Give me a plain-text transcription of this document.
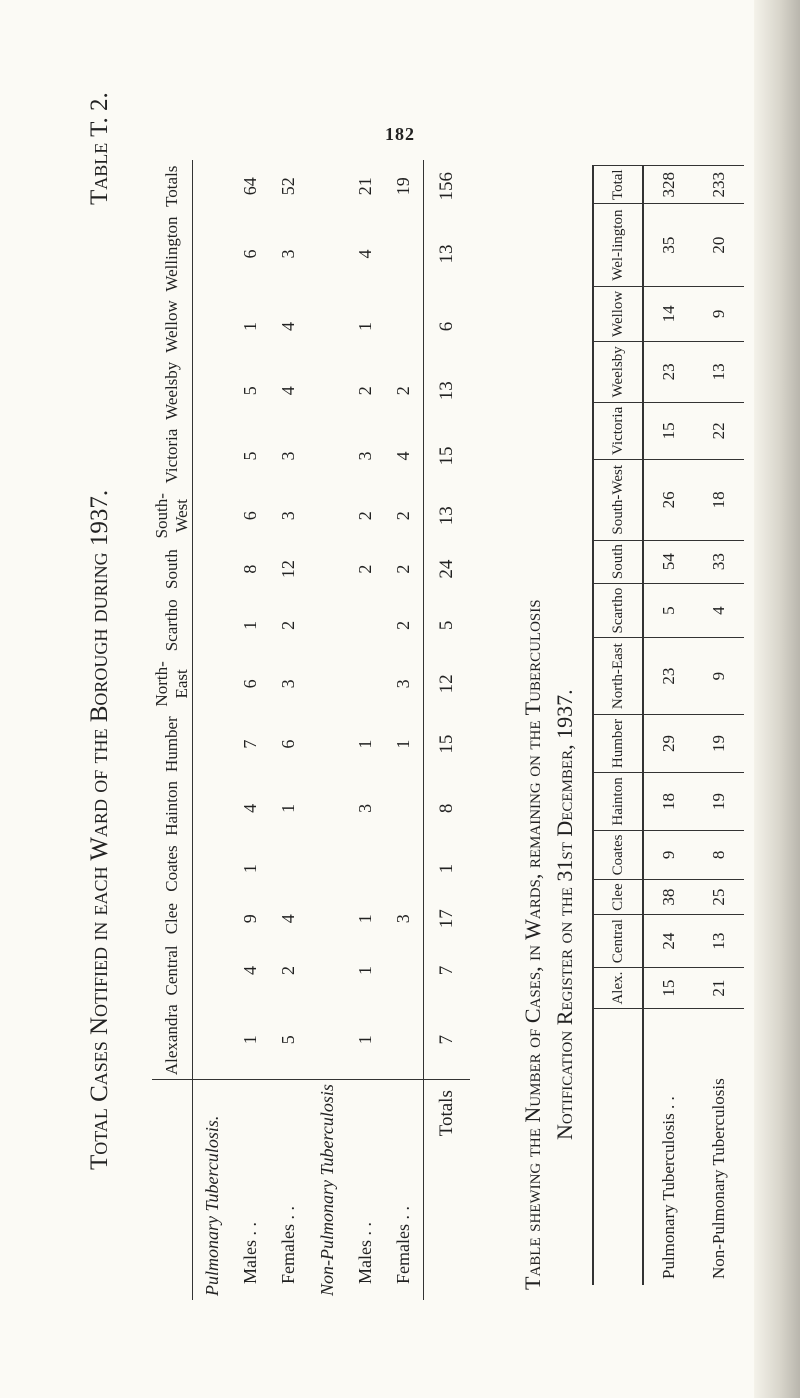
182
Total Cases Notified in each Ward of the Borough during 1937.
Table T. 2.
	Alexandra	Central	Clee	Coates	Hainton	Humber	North-East	Scartho	South	South-West	Victoria	Weelsby	Wellow	Wellington	Totals
Pulmonary Tuberculosis.															
Males . .	1	4	9	1	4	7	6	1	8	6	5	5	1	6	64
Females . .	5	2	4		1	6	3	2	12	3	3	4	4	3	52
Non-Pulmonary Tuberculosis															
Males . .	1	1	1		3	1			2	2	3	2	1	4	21
Females . .			3			1	3	2	2	2	4	2			19
Totals	7	7	17	1	8	15	12	5	24	13	15	13	6	13	156
Table shewing the Number of Cases, in Wards, remaining on the Tuberculosis Notification Register on the 31st December, 1937.
	Alex.	Central	Clee	Coates	Hainton	Humber	North-East	Scartho	South	South-West	Victoria	Weelsby	Wellow	Wel-lington	Total
Pulmonary Tuberculosis . .	15	24	38	9	18	29	23	5	54	26	15	23	14	35	328
Non-Pulmonary Tuberculosis	21	13	25	8	19	19	9	4	33	18	22	13	9	20	233
